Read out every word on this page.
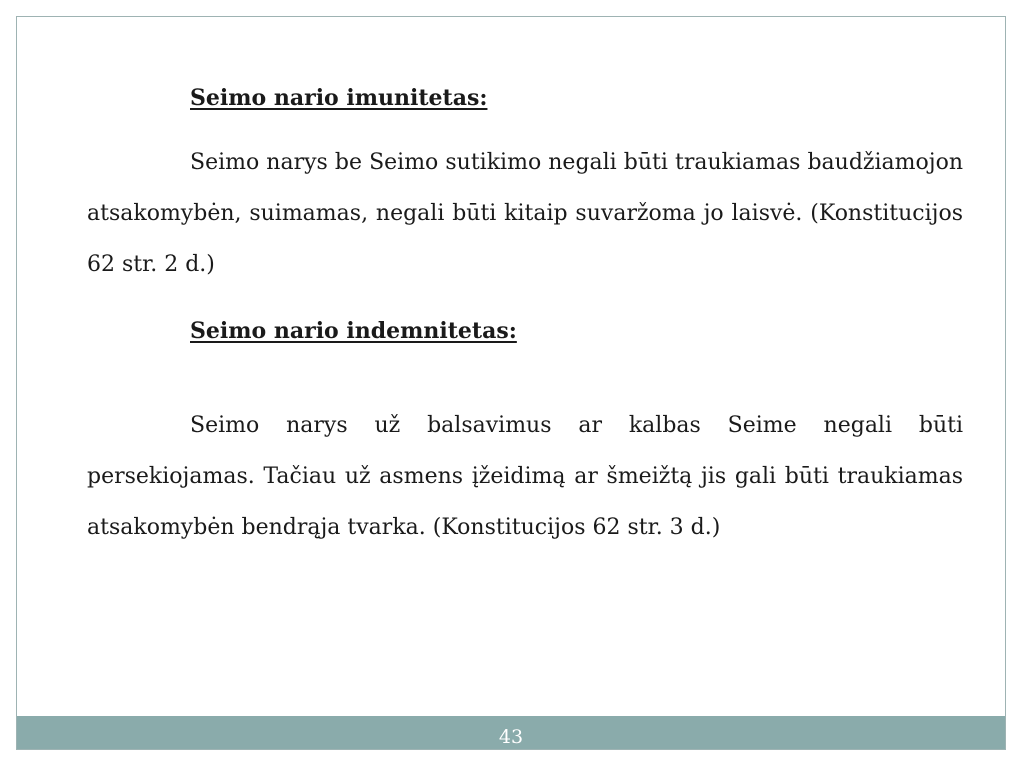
Seimo nario imunitetas:

Seimo narys be Seimo sutikimo negali būti traukiamas baudžiamojon atsakomybėn, suimamas, negali būti kitaip suvaržoma jo laisvė. (Konstitucijos 62 str. 2 d.)

Seimo nario indemnitetas:

Seimo narys už balsavimus ar kalbas Seime negali būti persekiojamas. Tačiau už asmens įžeidimą ar šmeižtą jis gali būti traukiamas atsakomybėn bendrąja tvarka. (Konstitucijos 62 str. 3 d.)

43
